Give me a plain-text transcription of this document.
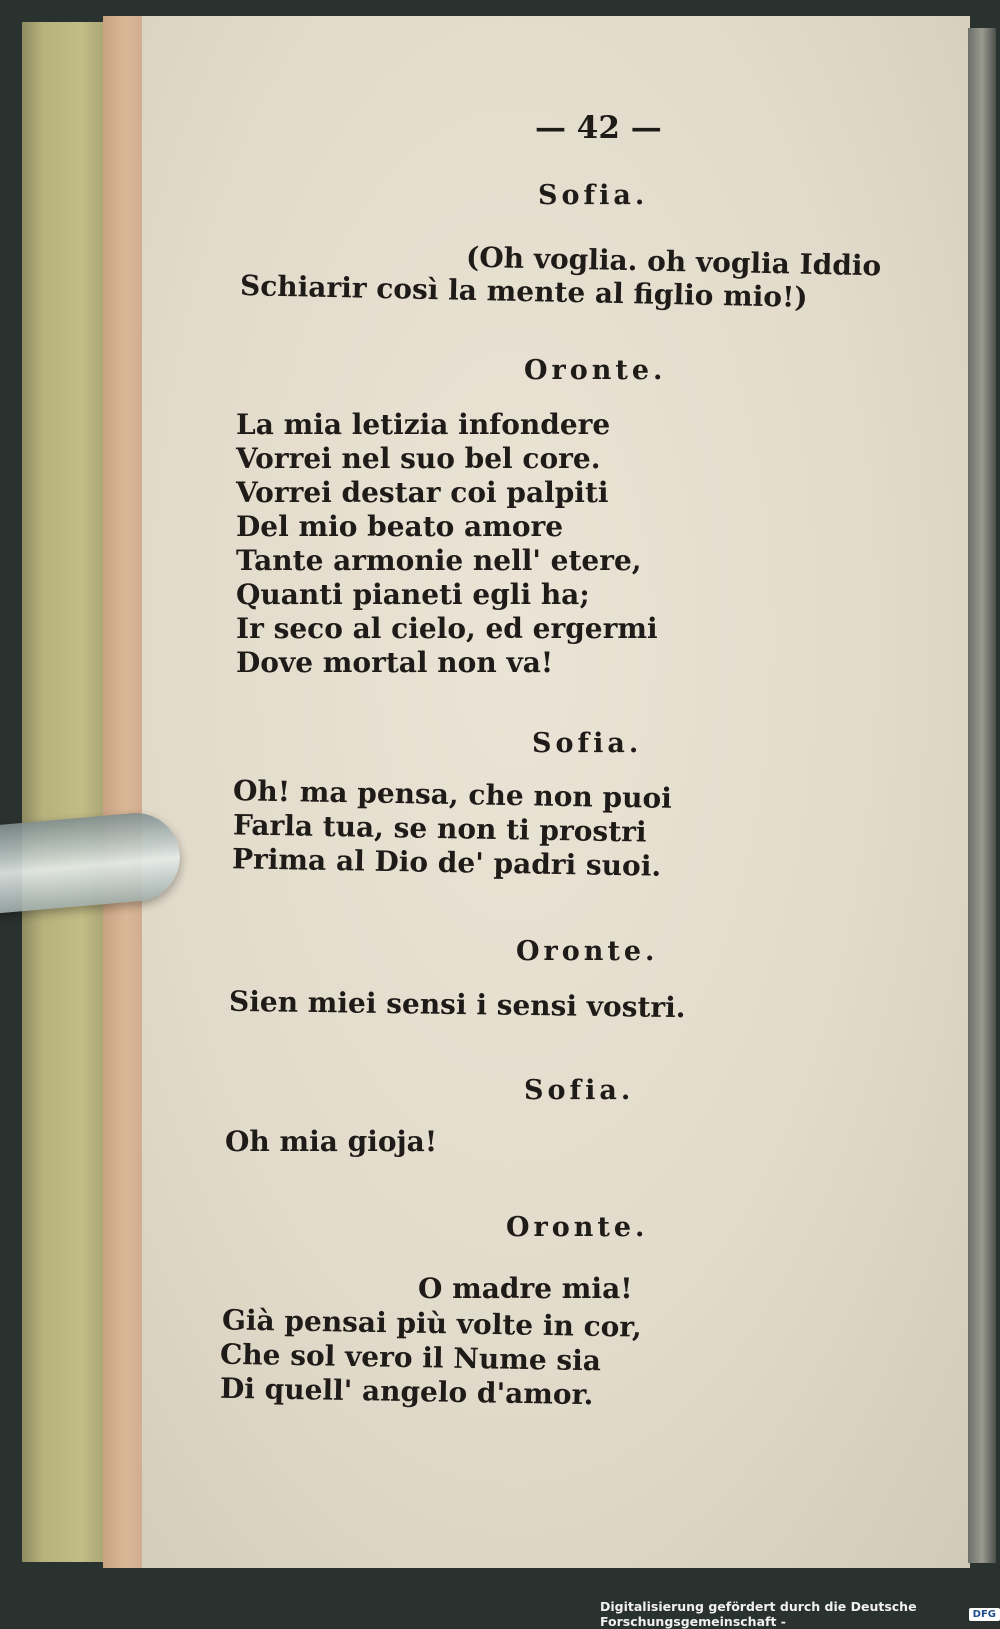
— 42 —
Sofia.
(Oh voglia. oh voglia Iddio
Schiarir così la mente al figlio mio!)
Oronte.
La mia letizia infondere
Vorrei nel suo bel core.
Vorrei destar coi palpiti
Del mio beato amore
Tante armonie nell' etere,
Quanti pianeti egli ha;
Ir seco al cielo, ed ergermi
Dove mortal non va!
Sofia.
Oh! ma pensa, che non puoi
Farla tua, se non ti prostri
Prima al Dio de' padri suoi.
Oronte.
Sien miei sensi i sensi vostri.
Sofia.
Oh mia gioja!
Oronte.
O madre mia!
Già pensai più volte in cor,
Che sol vero il Nume sia
Di quell' angelo d'amor.
Digitalisierung gefördert durch die Deutsche Forschungsgemeinschaft -	DFG
